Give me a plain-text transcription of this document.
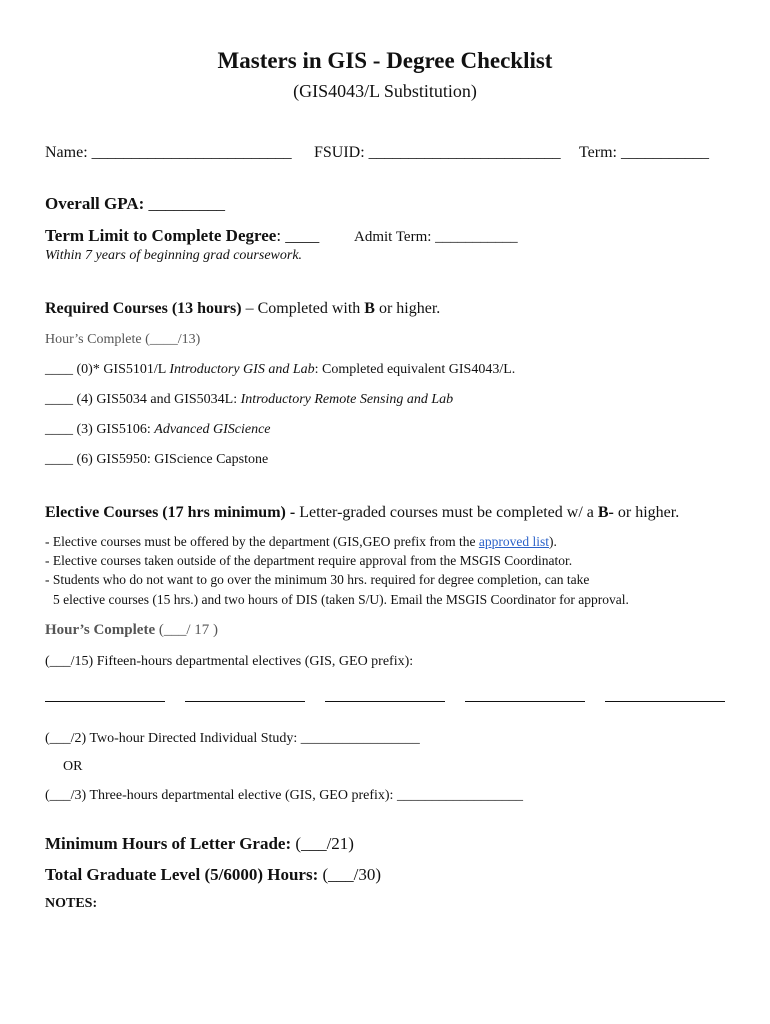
Masters in GIS - Degree Checklist
(GIS4043/L Substitution)
Name: _________________________ FSUID: ________________________ Term: ___________
Overall GPA: _________
Term Limit to Complete Degree: ____ Admit Term: ___________
Within 7 years of beginning grad coursework.
Required Courses (13 hours) – Completed with B or higher.
Hour’s Complete (____/13)
____ (0)* GIS5101/L Introductory GIS and Lab: Completed equivalent GIS4043/L.
____ (4) GIS5034 and GIS5034L: Introductory Remote Sensing and Lab
____ (3) GIS5106: Advanced GIScience
____ (6) GIS5950: GIScience Capstone
Elective Courses (17 hrs minimum) - Letter-graded courses must be completed w/ a B- or higher.
- Elective courses must be offered by the department (GIS,GEO prefix from the approved list).
- Elective courses taken outside of the department require approval from the MSGIS Coordinator.
- Students who do not want to go over the minimum 30 hrs. required for degree completion, can take
5 elective courses (15 hrs.) and two hours of DIS (taken S/U). Email the MSGIS Coordinator for approval.
Hour’s Complete (___/ 17 )
(___/15) Fifteen-hours departmental electives (GIS, GEO prefix):
(___/2) Two-hour Directed Individual Study: _________________
OR
(___/3) Three-hours departmental elective (GIS, GEO prefix): __________________
Minimum Hours of Letter Grade: (___/21)
Total Graduate Level (5/6000) Hours: (___/30)
NOTES:
